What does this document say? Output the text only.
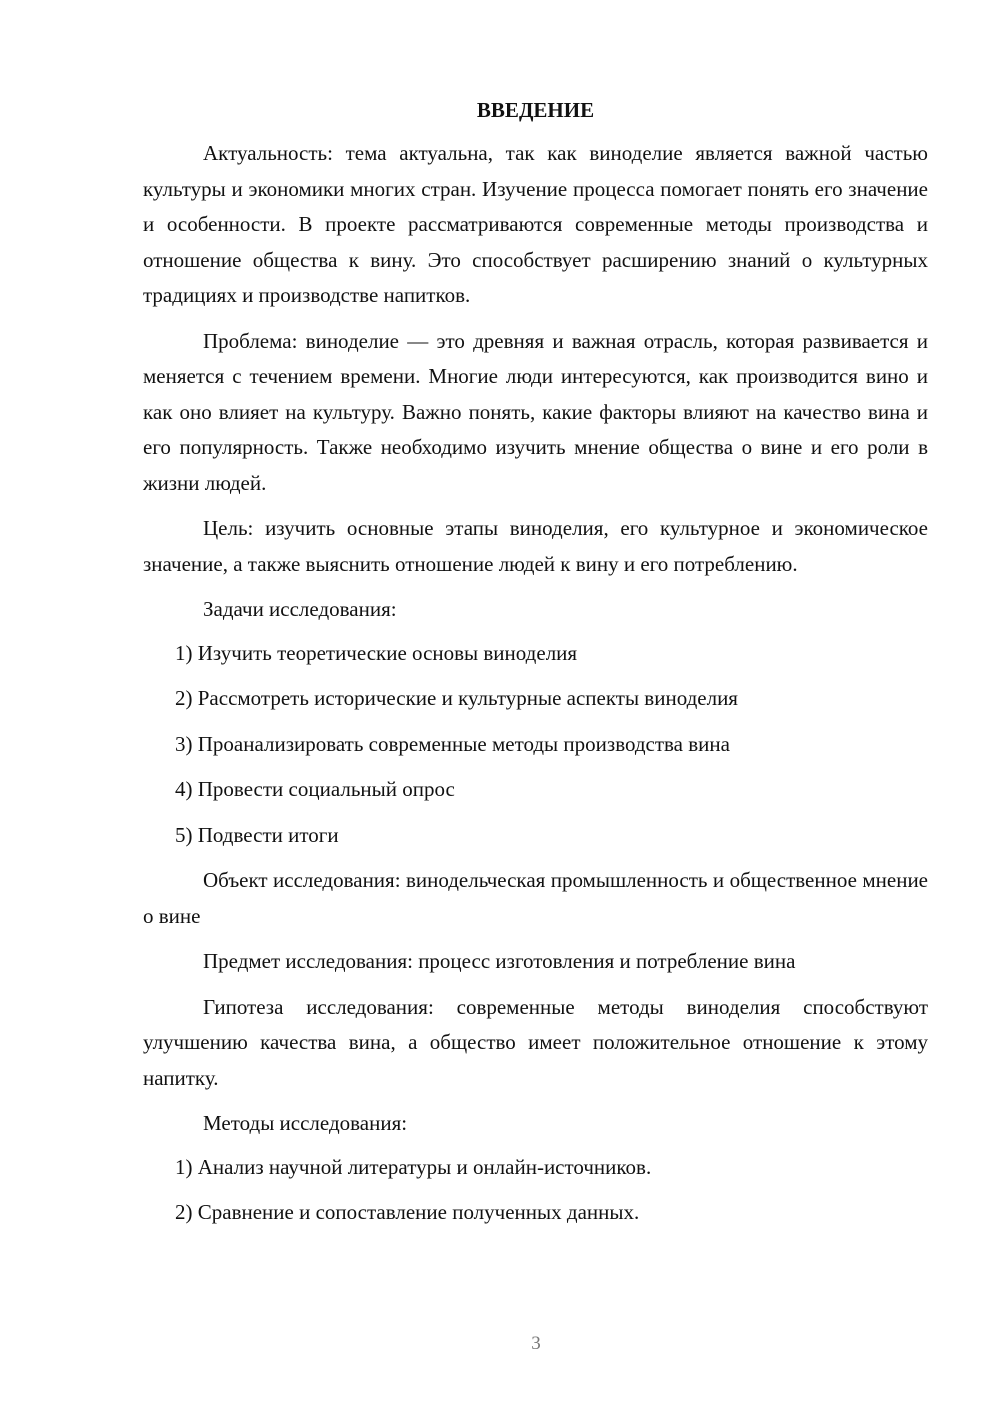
ВВЕДЕНИЕ

Актуальность: тема актуальна, так как виноделие является важной частью культуры и экономики многих стран. Изучение процесса помогает понять его значение и особенности. В проекте рассматриваются современные методы производства и отношение общества к вину. Это способствует расширению знаний о культурных традициях и производстве напитков.

Проблема: виноделие — это древняя и важная отрасль, которая развивается и меняется с течением времени. Многие люди интересуются, как производится вино и как оно влияет на культуру. Важно понять, какие факторы влияют на качество вина и его популярность. Также необходимо изучить мнение общества о вине и его роли в жизни людей.

Цель: изучить основные этапы виноделия, его культурное и экономическое значение, а также выяснить отношение людей к вину и его потреблению.

Задачи исследования:

1) Изучить теоретические основы виноделия
2) Рассмотреть исторические и культурные аспекты виноделия
3) Проанализировать современные методы производства вина
4) Провести социальный опрос
5) Подвести итоги

Объект исследования: винодельческая промышленность и общественное мнение о вине

Предмет исследования: процесс изготовления и потребление вина

Гипотеза исследования: современные методы виноделия способствуют улучшению качества вина, а общество имеет положительное отношение к этому напитку.

Методы исследования:

1) Анализ научной литературы и онлайн-источников.
2) Сравнение и сопоставление полученных данных.
3
